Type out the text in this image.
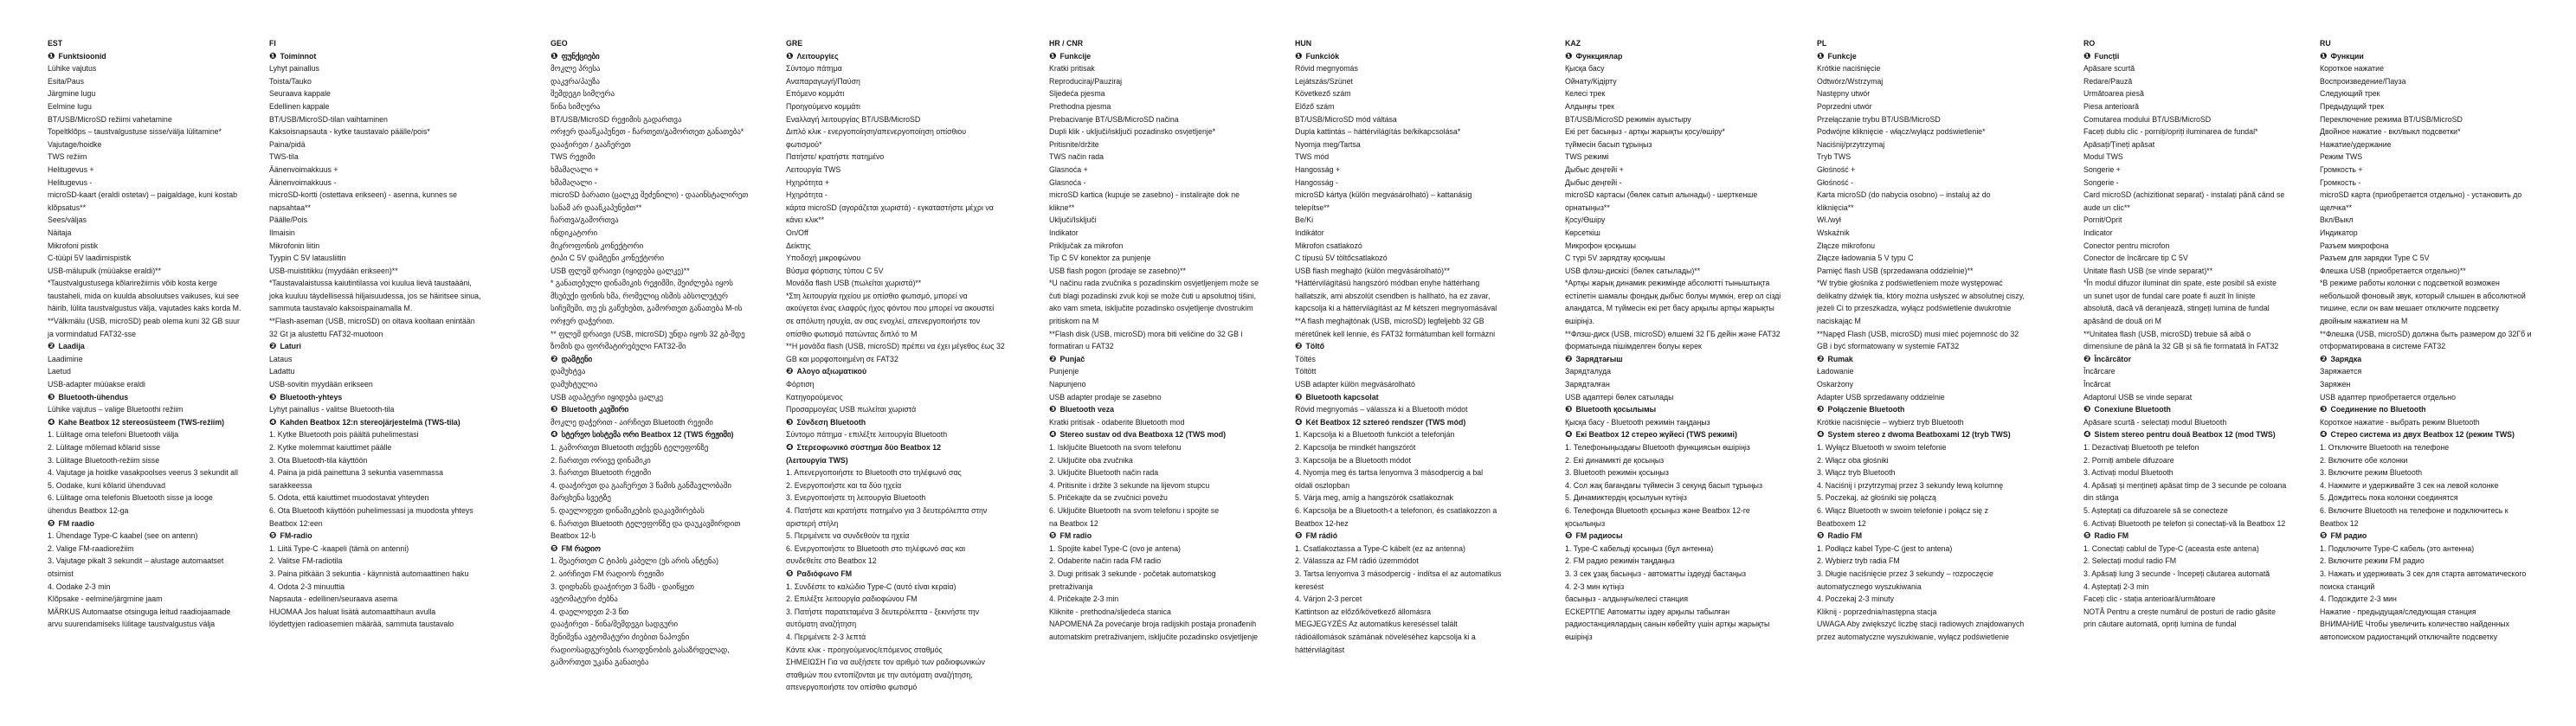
EST
❶ Funktsioonid
Lühike vajutus
Esita/Paus
Järgmine lugu
Eelmine lugu
BT/USB/MicroSD režiimi vahetamine
Topeltklõps – taustvalgustuse sisse/välja lülitamine*
Vajutage/hoidke
TWS režiim
Helitugevus +
Helitugevus -
microSD-kaart (eraldi ostetav) – paigaldage, kuni kostab
klõpsatus**
Sees/väljas
Näitaja
Mikrofoni pistik
C-tüüpi 5V laadimispistik
USB-mälupulk (müüakse eraldi)**
*Taustvalgustusega kõlarirežiimis võib kosta kerge
taustaheli, mida on kuulda absoluutses vaikuses, kui see
häirib, lülita taustvalgustus välja, vajutades kaks korda M.
**Välkmälu (USB, microSD) peab olema kuni 32 GB suur
ja vormindatud FAT32-sse
❷ Laadija
Laadimine
Laetud
USB-adapter müüakse eraldi
❸ Bluetooth-ühendus
Lühike vajutus – valige Bluetoothi režiim
❹ Kahe Beatbox 12 stereosüsteem (TWS-režiim)
1. Lülitage oma telefoni Bluetooth välja
2. Lülitage mõlemad kõlarid sisse
3. Lülitage Bluetooth-režiim sisse
4. Vajutage ja hoidke vasakpoolses veerus 3 sekundit all
5. Oodake, kuni kõlarid ühenduvad
6. Lülitage oma telefonis Bluetooth sisse ja looge
ühendus Beatbox 12-ga
❺ FM raadio
1. Ühendage Type-C kaabel (see on antenn)
2. Valige FM-raadiorežiim
3. Vajutage pikalt 3 sekundit – alustage automaatset
otsimist
4. Oodake 2-3 min
Klõpsake - eelmine/järgmine jaam
MÄRKUS Automaatse otsinguga leitud raadiojaamade
arvu suurendamiseks lülitage taustvalgustus välja
FI
❶ Toiminnot
Lyhyt painallus
Toista/Tauko
Seuraava kappale
Edellinen kappale
BT/USB/MicroSD-tilan vaihtaminen
Kaksoisnapsauta - kytke taustavalo päälle/pois*
Paina/pidä
TWS-tila
Äänenvoimakkuus +
Äänenvoimakkuus -
microSD-kortti (ostettava erikseen) - asenna, kunnes se
napsahtaa**
Päälle/Pois
Ilmaisin
Mikrofonin liitin
Tyypin C 5V latausliitin
USB-muistitikku (myydään erikseen)**
*Taustavalaistussa kaiutintilassa voi kuulua lievä taustaääni,
joka kuuluu täydellisessä hiljaisuudessa, jos se häiritsee sinua,
sammuta taustavalo kaksoispainamalla M.
**Flash-aseman (USB, microSD) on oltava kooltaan enintään
32 Gt ja alustettu FAT32-muotoon
❷ Laturi
Lataus
Ladattu
USB-sovitin myydään erikseen
❸ Bluetooth-yhteys
Lyhyt painallus - valitse Bluetooth-tila
❹ Kahden Beatbox 12:n stereojärjestelmä (TWS-tila)
1. Kytke Bluetooth pois päältä puhelimestasi
2. Kytke molemmat kaiuttimet päälle
3. Ota Bluetooth-tila käyttöön
4. Paina ja pidä painettuna 3 sekuntia vasemmassa
sarakkeessa
5. Odota, että kaiuttimet muodostavat yhteyden
6. Ota Bluetooth käyttöön puhelimessasi ja muodosta yhteys
Beatbox 12:een
❺ FM-radio
1. Liitä Type-C -kaapeli (tämä on antenni)
2. Valitse FM-radiotila
3. Paina pitkään 3 sekuntia - käynnistä automaattinen haku
4. Odota 2-3 minuuttia
Napsauta - edellinen/seuraava asema
HUOMAA Jos haluat lisätä automaattihaun avulla
löydettyjen radioasemien määrää, sammuta taustavalo
GEO
❶ ფუნქციები
მოკლე პრესა
დაკვრა/პაუზა
შემდეგი სიმღერა
წინა სიმღერა
BT/USB/MicroSD რეჟიმის გადართვა
ორჯერ დააწკაპუნეთ - ჩართეთ/გამორთეთ განათება*
დააჭირეთ / გააჩერეთ
TWS რეჟიმი
ხმამაღალი +
ხმამაღალი -
microSD ბარათი (ცალკე შეძენილი) - დააინსტალირეთ
სანამ არ დააწკაპუნებთ**
ჩართვა/გამორთვა
ინდიკატორი
მიკროფონის კონექტორი
ტიპი C 5V დამტენი კონექტორი
USB ფლეშ დრაივი (იყიდება ცალკე)**
* განათებული დინამიკის რეჟიმში, შეიძლება იყოს
მსუბუქი ფონის ხმა, რომელიც ისმის აბსოლუტურ
სიჩუმეში, თუ ეს გაწუხებთ, გამორთეთ განათება M-ის
ორჯერ დაჭერით.
** ფლეშ დრაივი (USB, microSD) უნდა იყოს 32 გბ-მდე
ზომის და ფორმატირებული FAT32-ში
❷ დამტენი
დამუხტვა
დამუხტულია
USB ადაპტერი იყიდება ცალკე
❸ Bluetooth კავშირი
მოკლე დაჭერით - აირჩიეთ Bluetooth რეჟიმი
❹ სტერეო სისტემა ორი Beatbox 12 (TWS რეჟიმი)
1. გამორთეთ Bluetooth თქვენს ტელეფონზე
2. ჩართეთ ორივე დინამიკი
3. ჩართეთ Bluetooth რეჟიმი
4. დააჭირეთ და გააჩერეთ 3 წამის განმავლობაში
მარცხენა სვეტზე
5. დაელოდეთ დინამიკების დაკავშირებას
6. ჩართეთ Bluetooth ტელეფონზე და დაუკავშირდით
Beatbox 12-ს
❺ FM რადიო
1. შეაერთეთ C ტიპის კაბელი (ეს არის ანტენა)
2. აირჩიეთ FM რადიოს რეჟიმი
3. დიდხანს დააჭირეთ 3 წამს - დაიწყეთ
ავტომატური ძებნა
4. დაელოდეთ 2-3 წთ
დააჭირეთ - წინა/შემდეგი სადგური
შენიშვნა ავტომატური ძიებით ნაპოვნი
რადიოსადგურების რაოდენობის გასაზრდელად,
გამორთეთ უკანა განათება
GRE
❶ Λειτουργίες
Σύντομο πάτημα
Αναπαραγωγή/Παύση
Επόμενο κομμάτι
Προηγούμενο κομμάτι
Εναλλαγή λειτουργίας BT/USB/MicroSD
Διπλό κλικ - ενεργοποίηση/απενεργοποίηση οπίσθιου
φωτισμού*
Πατήστε/ κρατήστε πατημένο
Λειτουργία TWS
Ηχηρότητα +
Ηχηρότητα -
κάρτα microSD (αγοράζεται χωριστά) - εγκαταστήστε μέχρι να
κάνει κλικ**
On/Off
Δείκτης
Υποδοχή μικροφώνου
Βύσμα φόρτισης τύπου C 5V
Μονάδα flash USB (πωλείται χωριστά)**
*Στη λειτουργία ηχείου με οπίσθιο φωτισμό, μπορεί να
ακούγεται ένας ελαφρύς ήχος φόντου που μπορεί να ακουστεί
σε απόλυτη ησυχία, αν σας ενοχλεί, απενεργοποιήστε τον
οπίσθιο φωτισμό πατώντας διπλό το M
**Η μονάδα flash (USB, microSD) πρέπει να έχει μέγεθος έως 32
GB και μορφοποιημένη σε FAT32
❷ Αλογο αξιωματικού
Φόρτιση
Κατηγορούμενος
Προσαρμογέας USB πωλείται χωριστά
❸ Σύνδεση Bluetooth
Σύντομο πάτημα - επιλέξτε λειτουργία Bluetooth
❹ Στερεοφωνικό σύστημα δύο Beatbox 12
(λειτουργία TWS)
1. Απενεργοποιήστε το Bluetooth στο τηλέφωνό σας
2. Ενεργοποιήστε και τα δύο ηχεία
3. Ενεργοποιήστε τη λειτουργία Bluetooth
4. Πατήστε και κρατήστε πατημένο για 3 δευτερόλεπτα στην
αριστερή στήλη
5. Περιμένετε να συνδεθούν τα ηχεία
6. Ενεργοποιήστε το Bluetooth στο τηλέφωνό σας και
συνδεθείτε στο Beatbox 12
❺ Ραδιόφωνο FM
1. Συνδέστε το καλώδιο Type-C (αυτό είναι κεραία)
2. Επιλέξτε λειτουργία ραδιοφώνου FM
3. Πατήστε παρατεταμένα 3 δευτερόλεπτα - ξεκινήστε την
αυτόματη αναζήτηση
4. Περιμένετε 2-3 λεπτά
Κάντε κλικ - προηγούμενος/επόμενος σταθμός
ΣΗΜΕΙΩΣΗ Για να αυξήσετε τον αριθμό των ραδιοφωνικών
σταθμών που εντοπίζονται με την αυτόματη αναζήτηση,
απενεργοποιήστε τον οπίσθιο φωτισμό
HR / CNR
❶ Funkcije
Kratki pritisak
Reproduciraj/Pauziraj
Sljedeća pjesma
Prethodna pjesma
Prebacivanje BT/USB/MicroSD načina
Dupli klik - uključi/isključi pozadinsko osvjetljenje*
Pritisnite/držite
TWS način rada
Glasnoća +
Glasnoća -
microSD kartica (kupuje se zasebno) - instalirajte dok ne
klikne**
Uključi/Isključi
Indikator
Priključak za mikrofon
Tip C 5V konektor za punjenje
USB flash pogon (prodaje se zasebno)**
*U načinu rada zvučnika s pozadinskim osvjetljenjem može se
čuti blagi pozadinski zvuk koji se može čuti u apsolutnoj tišini,
ako vam smeta, isključite pozadinsko osvjetljenje dvostrukim
pritiskom na M
**Flash disk (USB, microSD) mora biti veličine do 32 GB i
formatiran u FAT32
❷ Punjač
Punjenje
Napunjeno
USB adapter prodaje se zasebno
❸ Bluetooth veza
Kratki pritisak - odaberite Bluetooth mod
❹ Stereo sustav od dva Beatboxa 12 (TWS mod)
1. Isključite Bluetooth na svom telefonu
2. Uključite oba zvučnika
3. Uključite Bluetooth način rada
4. Pritisnite i držite 3 sekunde na lijevom stupcu
5. Pričekajte da se zvučnici povežu
6. Uključite Bluetooth na svom telefonu i spojite se
na Beatbox 12
❺ FM radio
1. Spojite kabel Type-C (ovo je antena)
2. Odaberite način rada FM radio
3. Dugi pritisak 3 sekunde - početak automatskog
pretraživanja
4. Pričekajte 2-3 min
Kliknite - prethodna/sljedeća stanica
NAPOMENA Za povećanje broja radijskih postaja pronađenih
automatskim pretraživanjem, isključite pozadinsko osvjetljenje
HUN
❶ Funkciók
Rövid megnyomás
Lejátszás/Szünet
Következő szám
Előző szám
BT/USB/MicroSD mód váltása
Dupla kattintás – háttérvilágítás be/kikapcsolása*
Nyomja meg/Tartsa
TWS mód
Hangosság +
Hangosság -
microSD kártya (külön megvásárolható) – kattanásig
telepítse**
Be/Ki
Indikátor
Mikrofon csatlakozó
C típusú 5V töltőcsatlakozó
USB flash meghajtó (külön megvásárolható)**
*Háttérvilágítású hangszóró módban enyhe háttérhang
hallatszik, ami abszolút csendben is hallható, ha ez zavar,
kapcsolja ki a háttérvilágítást az M kétszeri megnyomásával
**A flash meghajtónak (USB, microSD) legfeljebb 32 GB
méretűnek kell lennie, és FAT32 formátumban kell formázni
❷ Töltő
Töltés
Töltött
USB adapter külön megvásárolható
❸ Bluetooth kapcsolat
Rövid megnyomás – válassza ki a Bluetooth módot
❹ Két Beatbox 12 sztereó rendszer (TWS mód)
1. Kapcsolja ki a Bluetooth funkciót a telefonján
2. Kapcsolja be mindkét hangszórót
3. Kapcsolja be a Bluetooth módot
4. Nyomja meg és tartsa lenyomva 3 másodpercig a bal
oldali oszlopban
5. Várja meg, amíg a hangszórók csatlakoznak
6. Kapcsolja be a Bluetooth-t a telefonon, és csatlakozzon a
Beatbox 12-hez
❺ FM rádió
1. Csatlakoztassa a Type-C kábelt (ez az antenna)
2. Válassza az FM rádió üzemmódot
3. Tartsa lenyomva 3 másodpercig - indítsa el az automatikus
keresést
4. Várjon 2-3 percet
Kattintson az előző/következő állomásra
MEGJEGYZÉS Az automatikus kereséssel talált
rádióállomások számának növeléséhez kapcsolja ki a
háttérvilágítást
KAZ
❶ Функциялар
Қысқа басу
Ойнату/Кідірту
Келесі трек
Алдыңғы трек
BT/USB/MicroSD режимін ауыстыру
Екі рет басыңыз - артқы жарықты қосу/өшіру*
түймесін басып тұрыңыз
TWS режимі
Дыбыс деңгейі +
Дыбыс деңгейі -
microSD картасы (бөлек сатып алынады) - шерткенше
орнатыңыз**
Қосу/Өшіру
Көрсеткіш
Микрофон қосқышы
C түрі 5V зарядтау қосқышы
USB флэш-дискісі (бөлек сатылады)**
*Артқы жарық динамик режимінде абсолютті тыныштықта
естілетін шамалы фондық дыбыс болуы мүмкін, егер ол сізді
алаңдатса, M түймесін екі рет басу арқылы артқы жарықты
өшіріңіз.
**Флэш-диск (USB, microSD) өлшемі 32 ГБ дейін және FAT32
форматында пішімделген болуы керек
❷ Зарядтағыш
Зарядталуда
Зарядталған
USB адаптері бөлек сатылады
❸ Bluetooth қосылымы
Қысқа басу - Bluetooth режимін таңдаңыз
❹ Екі Beatbox 12 стерео жүйесі (TWS режимі)
1. Телефоныңыздағы Bluetooth функциясын өшіріңіз
2. Екі динамикті де қосыңыз
3. Bluetooth режимін қосыңыз
4. Сол жақ бағандағы түймесін 3 секунд басып тұрыңыз
5. Динамиктердің қосылуын күтіңіз
6. Телефонда Bluetooth қосыңыз және Beatbox 12-ге
қосылыңыз
❺ FM радиосы
1. Type-C кабельді қосыңыз (бұл антенна)
2. FM радио режимін таңдаңыз
3. 3 сек ұзақ басыңыз - автоматты іздеуді бастаңыз
4. 2-3 мин күтіңіз
басыңыз - алдыңғы/келесі станция
ЕСКЕРТПЕ Автоматты іздеу арқылы табылған
радиостанциялардың санын көбейту үшін артқы жарықты
өшіріңіз
PL
❶ Funkcje
Krótkie naciśnięcie
Odtwórz/Wstrzymaj
Następny utwór
Poprzedni utwór
Przełączanie trybu BT/USB/MicroSD
Podwójne kliknięcie - włącz/wyłącz podświetlenie*
Naciśnij/przytrzymaj
Tryb TWS
Głośność +
Głośność -
Karta microSD (do nabycia osobno) – instaluj aż do
kliknięcia**
Wł./wył
Wskaźnik
Złącze mikrofonu
Złącze ładowania 5 V typu C
Pamięć flash USB (sprzedawana oddzielnie)**
*W trybie głośnika z podświetleniem może występować
delikatny dźwięk tła, który można usłyszeć w absolutnej ciszy,
jeżeli Ci to przeszkadza, wyłącz podświetlenie dwukrotnie
naciskając M
**Napęd Flash (USB, microSD) musi mieć pojemność do 32
GB i być sformatowany w systemie FAT32
❷ Rumak
Ładowanie
Oskarżony
Adapter USB sprzedawany oddzielnie
❸ Połączenie Bluetooth
Krótkie naciśnięcie – wybierz tryb Bluetooth
❹ System stereo z dwoma Beatboxami 12 (tryb TWS)
1. Wyłącz Bluetooth w swoim telefonie
2. Włącz oba głośniki
3. Włącz tryb Bluetooth
4. Naciśnij i przytrzymaj przez 3 sekundy lewą kolumnę
5. Poczekaj, aż głośniki się połączą
6. Włącz Bluetooth w swoim telefonie i połącz się z
Beatboxem 12
❺ Radio FM
1. Podłącz kabel Type-C (jest to antena)
2. Wybierz tryb radia FM
3. Długie naciśnięcie przez 3 sekundy – rozpoczęcie
automatycznego wyszukiwania
4. Poczekaj 2-3 minuty
Kliknij - poprzednia/następna stacja
UWAGA Aby zwiększyć liczbę stacji radiowych znajdowanych
przez automatyczne wyszukiwanie, wyłącz podświetlenie
RO
❶ Funcții
Apăsare scurtă
Redare/Pauză
Următoarea piesă
Piesa anterioară
Comutarea modului BT/USB/MicroSD
Faceți dublu clic - porniți/opriți iluminarea de fundal*
Apăsați/Țineți apăsat
Modul TWS
Songerie +
Songerie -
Card microSD (achizitionat separat) - instalați până când se
aude un clic**
Pornit/Oprit
Indicator
Conector pentru microfon
Conector de încărcare tip C 5V
Unitate flash USB (se vinde separat)**
*În modul difuzor iluminat din spate, este posibil să existe
un sunet ușor de fundal care poate fi auzit în liniște
absolută, dacă vă deranjează, stingeți lumina de fundal
apăsând de două ori M
**Unitatea flash (USB, microSD) trebuie să aibă o
dimensiune de până la 32 GB și să fie formatată în FAT32
❷ Încărcător
Încărcare
Încărcat
Adaptorul USB se vinde separat
❸ Conexiune Bluetooth
Apăsare scurtă - selectați modul Bluetooth
❹ Sistem stereo pentru două Beatbox 12 (mod TWS)
1. Dezactivați Bluetooth pe telefon
2. Porniți ambele difuzoare
3. Activați modul Bluetooth
4. Apăsați și mențineți apăsat timp de 3 secunde pe coloana
din stânga
5. Așteptați ca difuzoarele să se conecteze
6. Activați Bluetooth pe telefon și conectați-vă la Beatbox 12
❺ Radio FM
1. Conectați cablul de Type-C (aceasta este antena)
2. Selectați modul radio FM
3. Apăsați lung 3 secunde - începeți căutarea automată
4. Așteptați 2-3 min
Faceți clic - stația anterioară/următoare
NOTĂ Pentru a crește numărul de posturi de radio găsite
prin căutare automată, opriți lumina de fundal
RU
❶ Функции
Короткое нажатие
Воспроизведение/Пауза
Следующий трек
Предыдущий трек
Переключение режима BT/USB/MicroSD
Двойное нажатие - вкл/выкл подсветки*
Нажатие/удержание
Режим TWS
Громкость +
Громкость -
microSD карта (приобретается отдельно) - установить до
щелчка**
Вкл/Выкл
Индикатор
Разъем микрофона
Разъем для зарядки Type C 5V
Флешка USB (приобретается отдельно)**
*В режиме работы колонки с подсветкой возможен
небольшой фоновый звук, который слышен в абсолютной
тишине, если он вам мешает отключите подсветку
двойным нажатием на M
**Флешка (USB, microSD) должна быть размером до 32Гб и
отформатирована в системе FAT32
❷ Зарядка
Заряжается
Заряжен
USB адаптер приобретается отдельно
❸ Соединение по Bluetooth
Короткое нажатие - выбрать режим Bluetooth
❹ Стерео система из двух Beatbox 12 (режим TWS)
1. Отключите Bluetooth на телефоне
2. Включите обе колонки
3. Включите режим Bluetooth
4. Нажмите и удерживайте 3 сек на левой колонке
5. Дождитесь пока колонки соединятся
6. Включите Bluetooth на телефоне и подключитесь к
Beatbox 12
❺ FM радио
1. Подключите Type-C кабель (это антенна)
2. Включите режим FM радио
3. Нажать и удерживать 3 сек для старта автоматического
поиска станций
4. Подождите 2-3 мин
Нажатие - предыдущая/следующая станция
ВНИМАНИЕ Чтобы увеличить количество найденных
автопоиском радиостанций отключайте подсветку
